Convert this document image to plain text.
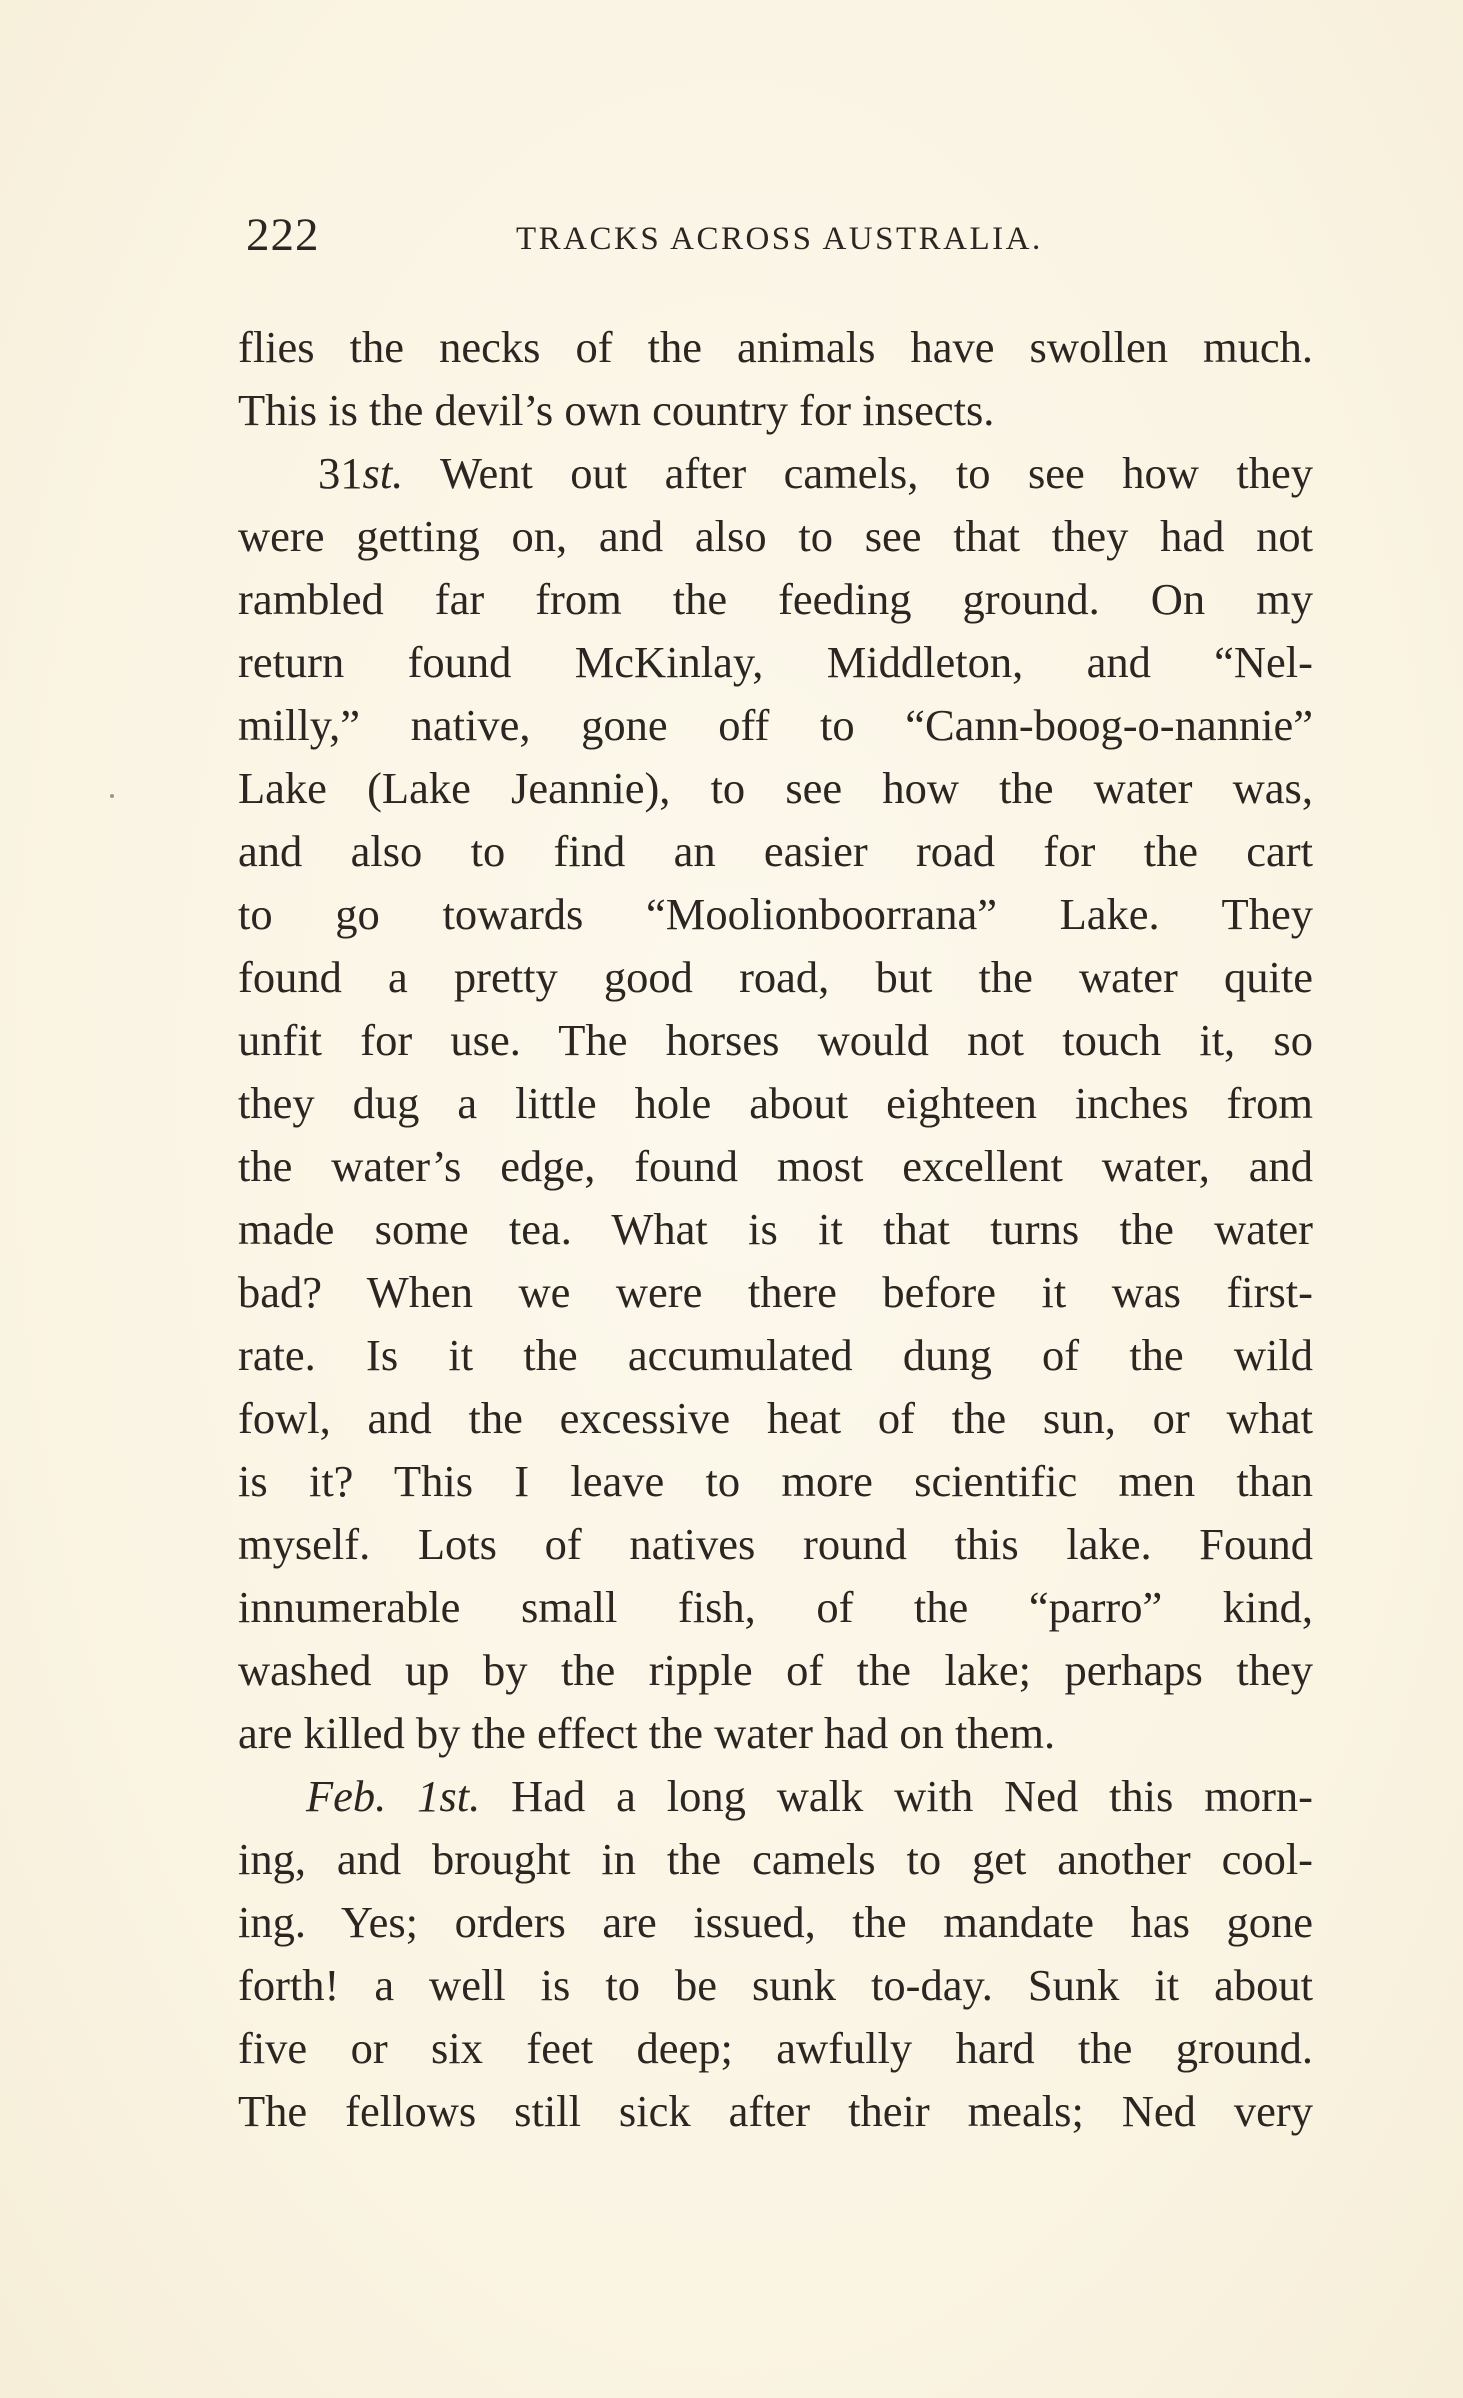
222	TRACKS ACROSS AUSTRALIA.
flies the necks of the animals have swollen much.
This is the devil’s own country for insects.
31st. Went out after camels, to see how they
were getting on, and also to see that they had not
rambled far from the feeding ground. On my
return found McKinlay, Middleton, and “Nel-
milly,” native, gone off to “Cann-boog-o-nannie”
Lake (Lake Jeannie), to see how the water was,
and also to find an easier road for the cart
to go towards “Moolionboorrana” Lake. They
found a pretty good road, but the water quite
unfit for use. The horses would not touch it, so
they dug a little hole about eighteen inches from
the water’s edge, found most excellent water, and
made some tea. What is it that turns the water
bad? When we were there before it was first-
rate. Is it the accumulated dung of the wild
fowl, and the excessive heat of the sun, or what
is it? This I leave to more scientific men than
myself. Lots of natives round this lake. Found
innumerable small fish, of the “parro” kind,
washed up by the ripple of the lake; perhaps they
are killed by the effect the water had on them.
Feb. 1st. Had a long walk with Ned this morn-
ing, and brought in the camels to get another cool-
ing. Yes; orders are issued, the mandate has gone
forth! a well is to be sunk to-day. Sunk it about
five or six feet deep; awfully hard the ground.
The fellows still sick after their meals; Ned very
